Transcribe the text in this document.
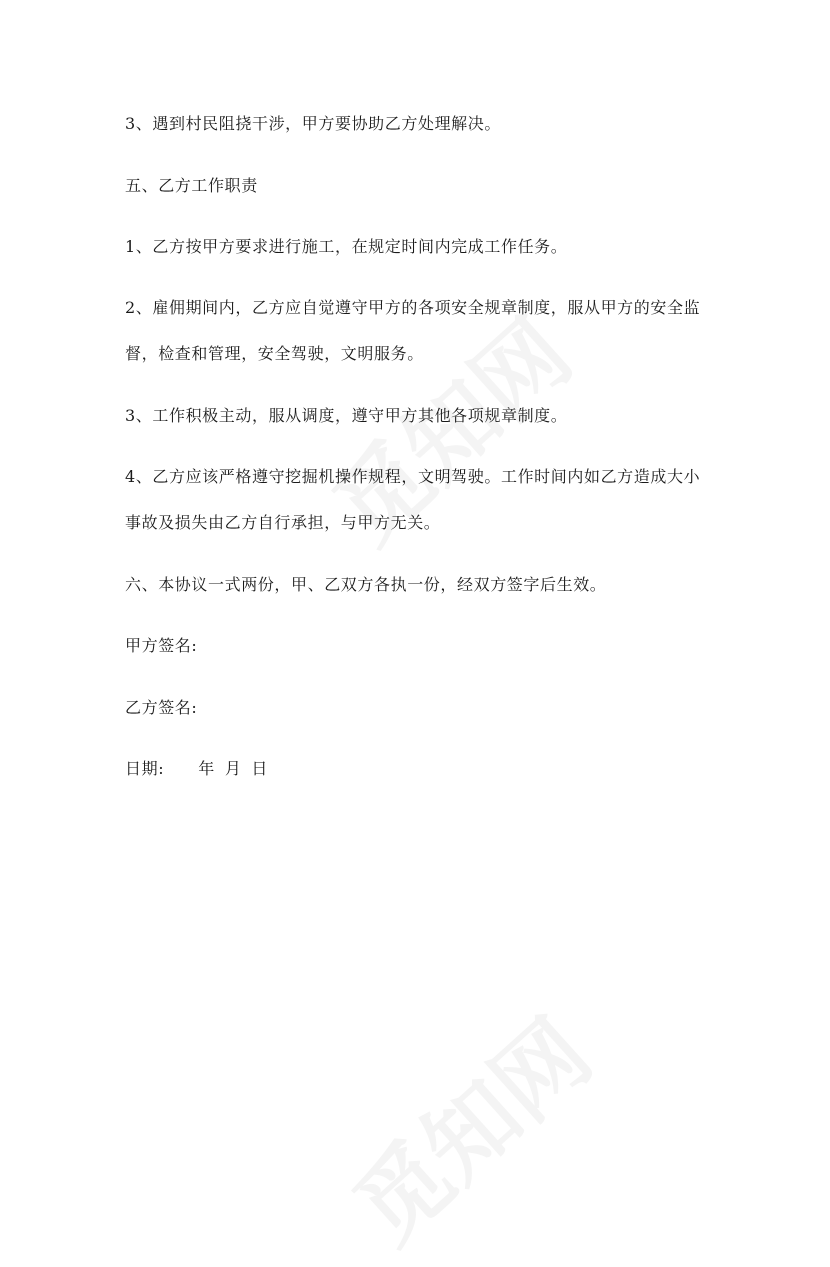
3、遇到村民阻挠干涉，甲方要协助乙方处理解决。
五、乙方工作职责
1、乙方按甲方要求进行施工，在规定时间内完成工作任务。
2、雇佣期间内，乙方应自觉遵守甲方的各项安全规章制度，服从甲方的安全监
督，检查和管理，安全驾驶，文明服务。
3、工作积极主动，服从调度，遵守甲方其他各项规章制度。
4、乙方应该严格遵守挖掘机操作规程，文明驾驶。工作时间内如乙方造成大小
事故及损失由乙方自行承担，与甲方无关。
六、本协议一式两份，甲、乙双方各执一份，经双方签字后生效。
甲方签名:
乙方签名:
日期: 年 月 日
